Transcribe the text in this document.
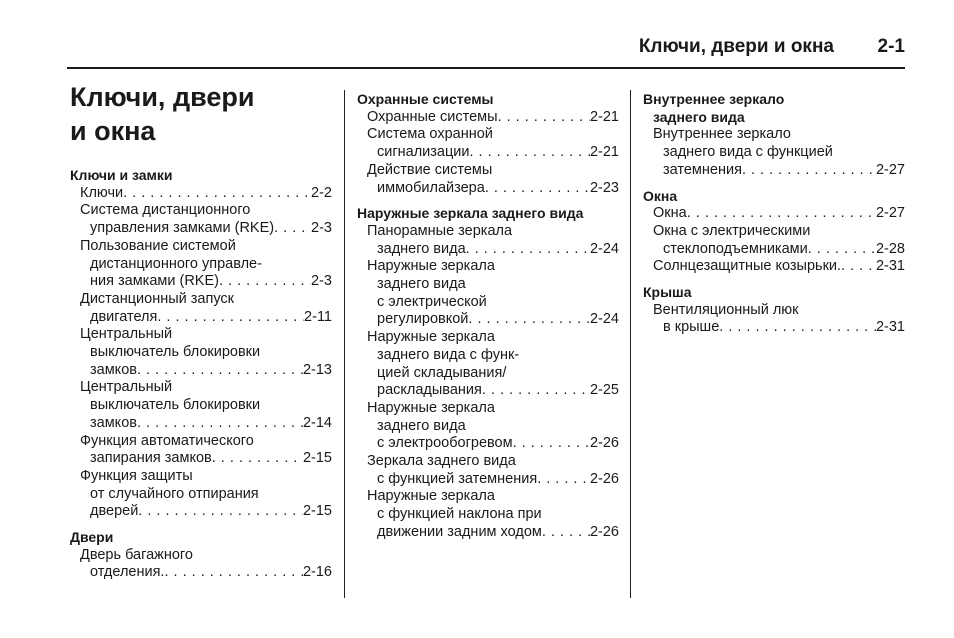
Ключи, двери и окна	2-1
Ключи, двери
и окна
Ключи и замки
Ключи . . .	2-2
Система дистанционного
управления замками (RKE) . . .	2-3
Пользование системой
дистанционного управле-
ния замками (RKE) . . .	2-3
Дистанционный запуск
двигателя . . .	2-11
Центральный
выключатель блокировки
замков . . .	2-13
Центральный
выключатель блокировки
замков . . .	2-14
Функция автоматического
запирания замков . . .	2-15
Функция защиты
от случайного отпирания
дверей . . .	2-15
Двери
Дверь багажного
отделения. . . .	2-16
Охранные системы
Охранные системы . . .	2-21
Система охранной
сигнализации . . .	2-21
Действие системы
иммобилайзера . . .	2-23
Наружные зеркала заднего вида
Панорамные зеркала
заднего вида . . .	2-24
Наружные зеркала
заднего вида
с электрической
регулировкой . . .	2-24
Наружные зеркала
заднего вида с функ-
цией складывания/
раскладывания . . .	2-25
Наружные зеркала
заднего вида
с электрообогревом . . .	2-26
Зеркала заднего вида
с функцией затемнения . . .	2-26
Наружные зеркала
с функцией наклона при
движении задним ходом . . .	2-26
Внутреннее зеркало
заднего вида
Внутреннее зеркало
заднего вида с функцией
затемнения . . .	2-27
Окна
Окна . . .	2-27
Окна с электрическими
стеклоподъемниками . . .	2-28
Солнцезащитные козырьки. . . . 2-31
Крыша
Вентиляционный люк
в крыше . . .	2-31
